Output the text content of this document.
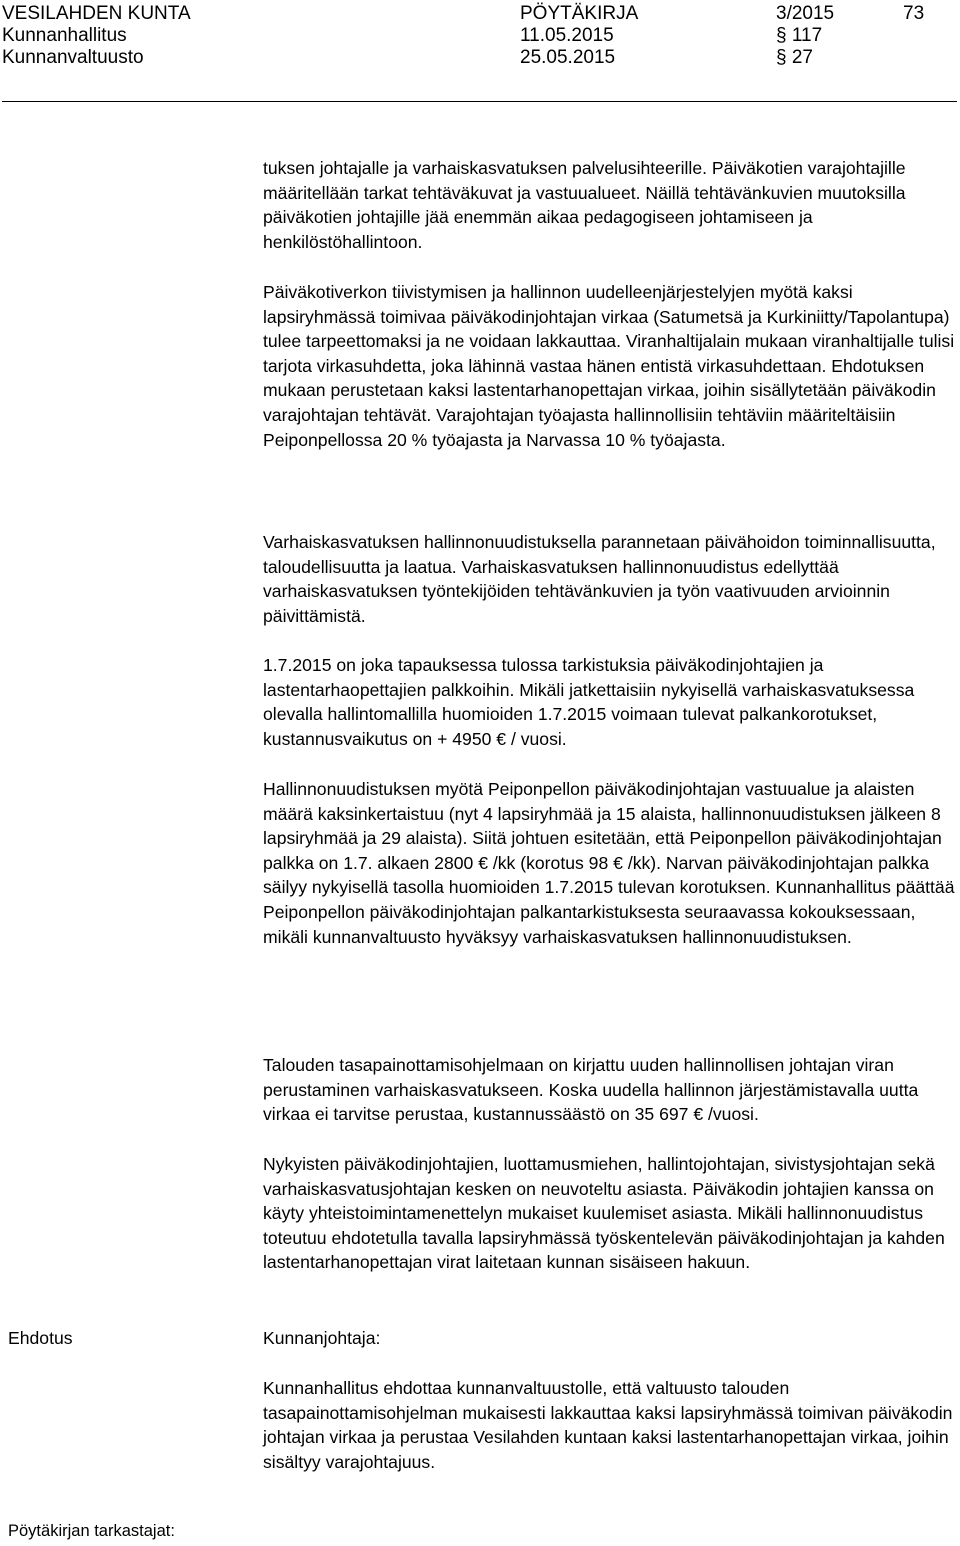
VESILAHDEN KUNTA	PÖYTÄKIRJA	3/2015	73
Kunnanhallitus	11.05.2015	§ 117
Kunnanvaltuusto	25.05.2015	§ 27

tuksen johtajalle ja varhaiskasvatuksen palvelusihteerille. Päiväkotien varajohtajille määritellään tarkat tehtäväkuvat ja vastuualueet. Näillä tehtävänkuvien muutoksilla päiväkotien johtajille jää enemmän aikaa pedagogiseen johtamiseen ja henkilöstöhallintoon.

Päiväkotiverkon tiivistymisen ja hallinnon uudelleenjärjestelyjen myötä kaksi lapsiryhmässä toimivaa päiväkodinjohtajan virkaa (Satumetsä ja Kurkiniitty/Tapolantupa) tulee tarpeettomaksi ja ne voidaan lakkauttaa. Viranhaltijalain mukaan viranhaltijalle tulisi tarjota virkasuhdetta, joka lähinnä vastaa hänen entistä virkasuhdettaan. Ehdotuksen mukaan perustetaan kaksi lastentarhanopettajan virkaa, joihin sisällytetään päiväkodin varajohtajan tehtävät. Varajohtajan työajasta hallinnollisiin tehtäviin määriteltäisiin Peiponpellossa 20 % työajasta ja Narvassa 10 % työajasta.

Varhaiskasvatuksen hallinnonuudistuksella parannetaan päivähoidon toiminnallisuutta, taloudellisuutta ja laatua. Varhaiskasvatuksen hallinnonuudistus edellyttää varhaiskasvatuksen työntekijöiden tehtävänkuvien ja työn vaativuuden arvioinnin päivittämistä.

1.7.2015 on joka tapauksessa tulossa tarkistuksia päiväkodinjohtajien ja lastentarhaopettajien palkkoihin. Mikäli jatkettaisiin nykyisellä varhaiskasvatuksessa olevalla hallintomallilla huomioiden 1.7.2015 voimaan tulevat palkankorotukset, kustannusvaikutus on + 4950 € / vuosi.

Hallinnonuudistuksen myötä Peiponpellon päiväkodinjohtajan vastuualue ja alaisten määrä kaksinkertaistuu (nyt 4 lapsiryhmää ja 15 alaista, hallinnonuudistuksen jälkeen 8 lapsiryhmää ja 29 alaista). Siitä johtuen esitetään, että Peiponpellon päiväkodinjohtajan palkka on 1.7. alkaen 2800 € /kk (korotus 98 € /kk). Narvan päiväkodinjohtajan palkka säilyy nykyisellä tasolla huomioiden 1.7.2015 tulevan korotuksen. Kunnanhallitus päättää Peiponpellon päiväkodinjohtajan palkantarkistuksesta seuraavassa kokouksessaan, mikäli kunnanvaltuusto hyväksyy varhaiskasvatuksen hallinnonuudistuksen.

Talouden tasapainottamisohjelmaan on kirjattu uuden hallinnollisen johtajan viran perustaminen varhaiskasvatukseen. Koska uudella hallinnon järjestämistavalla uutta virkaa ei tarvitse perustaa, kustannussäästö on 35 697 € /vuosi.

Nykyisten päiväkodinjohtajien, luottamusmiehen, hallintojohtajan, sivistysjohtajan sekä varhaiskasvatusjohtajan kesken on neuvoteltu asiasta. Päiväkodin johtajien kanssa on käyty yhteistoimintamenettelyn mukaiset kuulemiset asiasta. Mikäli hallinnonuudistus toteutuu ehdotetulla tavalla lapsiryhmässä työskentelevän päiväkodinjohtajan ja kahden lastentarhanopettajan virat laitetaan kunnan sisäiseen hakuun.

Ehdotus	Kunnanjohtaja:

Kunnanhallitus ehdottaa kunnanvaltuustolle, että valtuusto talouden tasapainottamisohjelman mukaisesti lakkauttaa kaksi lapsiryhmässä toimivan päiväkodin johtajan virkaa ja perustaa Vesilahden kuntaan kaksi lastentarhanopettajan virkaa, joihin sisältyy varajohtajuus.

Pöytäkirjan tarkastajat:
